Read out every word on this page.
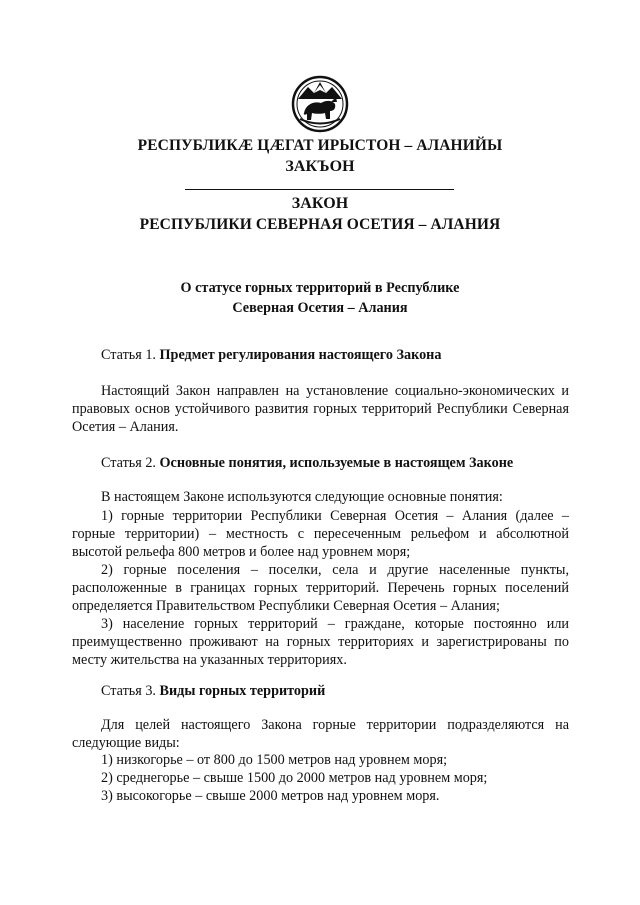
РЕСПУБЛИКÆ ЦÆГАТ ИРЫСТОН – АЛАНИЙЫ
ЗАКЪОН
ЗАКОН
РЕСПУБЛИКИ СЕВЕРНАЯ ОСЕТИЯ – АЛАНИЯ
О статусе горных территорий в Республике
Северная Осетия – Алания
Статья 1. Предмет регулирования настоящего Закона
Настоящий Закон направлен на установление социально-экономических и правовых основ устойчивого развития горных территорий Республики Северная Осетия – Алания.
Статья 2. Основные понятия, используемые в настоящем Законе
В настоящем Законе используются следующие основные понятия:
1) горные территории Республики Северная Осетия – Алания (далее – горные территории) – местность с пересеченным рельефом и абсолютной высотой рельефа 800 метров и более над уровнем моря;
2) горные поселения – поселки, села и другие населенные пункты, расположенные в границах горных территорий. Перечень горных поселений определяется Правительством Республики Северная Осетия – Алания;
3) население горных территорий – граждане, которые постоянно или преимущественно проживают на горных территориях и зарегистрированы по месту жительства на указанных территориях.
Статья 3. Виды горных территорий
Для целей настоящего Закона горные территории подразделяются на следующие виды:
1) низкогорье – от 800 до 1500 метров над уровнем моря;
2) среднегорье – свыше 1500 до 2000 метров над уровнем моря;
3) высокогорье – свыше 2000 метров над уровнем моря.
